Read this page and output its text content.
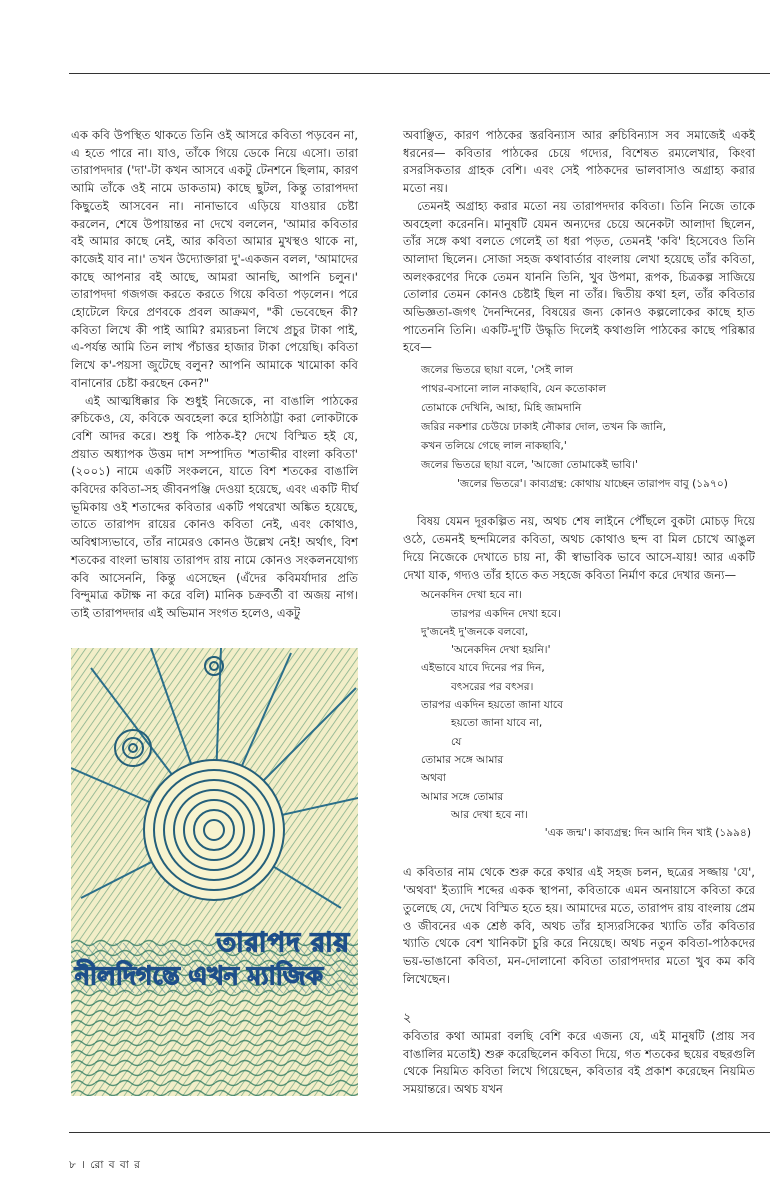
এক কবি উপস্থিত থাকতে তিনি ওই আসরে কবিতা পড়বেন না, এ হতে পারে না। যাও, তাঁকে গিয়ে ডেকে নিয়ে এসো। তারা তারাপদদার ('দা'-টা কখন আসবে একটু টেনশনে ছিলাম, কারণ আমি তাঁকে ওই নামে ডাকতাম) কাছে ছুটল, কিন্তু তারাপদদা কিছুতেই আসবেন না। নানাভাবে এড়িয়ে যাওয়ার চেষ্টা করলেন, শেষে উপায়ান্তর না দেখে বললেন, 'আমার কবিতার বই আমার কাছে নেই, আর কবিতা আমার মুখস্থও থাকে না, কাজেই যাব না।' তখন উদ্যোক্তারা দু'-একজন বলল, 'আমাদের কাছে আপনার বই আছে, আমরা আনছি, আপনি চলুন।' তারাপদদা গজগজ করতে করতে গিয়ে কবিতা পড়লেন। পরে হোটেলে ফিরে প্রণবকে প্রবল আক্রমণ, "কী ভেবেছেন কী? কবিতা লিখে কী পাই আমি? রম্যরচনা লিখে প্রচুর টাকা পাই, এ-পর্যন্ত আমি তিন লাখ পঁচাত্তর হাজার টাকা পেয়েছি। কবিতা লিখে ক'-পয়সা জুটেছে বলুন? আপনি আমাকে খামোকা কবি বানানোর চেষ্টা করছেন কেন?"

এই আত্মধিক্কার কি শুধুই নিজেকে, না বাঙালি পাঠকের রুচিকেও, যে, কবিকে অবহেলা করে হাসিঠাট্টা করা লোকটাকে বেশি আদর করে। শুধু কি পাঠক-ই? দেখে বিস্মিত হই যে, প্রয়াত অধ্যাপক উত্তম দাশ সম্পাদিত 'শতাব্দীর বাংলা কবিতা' (২০০১) নামে একটি সংকলনে, যাতে বিশ শতকের বাঙালি কবিদের কবিতা-সহ জীবনপঞ্জি দেওয়া হয়েছে, এবং একটি দীর্ঘ ভূমিকায় ওই শতাব্দের কবিতার একটি পথরেখা অঙ্কিত হয়েছে, তাতে তারাপদ রায়ের কোনও কবিতা নেই, এবং কোথাও, অবিশ্বাস্যভাবে, তাঁর নামেরও কোনও উল্লেখ নেই! অর্থাৎ, বিশ শতকের বাংলা ভাষায় তারাপদ রায় নামে কোনও সংকলনযোগ্য কবি আসেননি, কিন্তু এসেছেন (এঁদের কবিমর্যাদার প্রতি বিন্দুমাত্র কটাক্ষ না করে বলি) মানিক চক্রবর্তী বা অজয় নাগ। তাই তারাপদদার এই অভিমান সংগত হলেও, একটু

তারাপদ রায়
নীলদিগন্তে এখন ম্যাজিক

অবাঞ্ছিত, কারণ পাঠকের স্তরবিন্যাস আর রুচিবিন্যাস সব সমাজেই একই ধরনের— কবিতার পাঠকের চেয়ে গদ্যের, বিশেষত রম্যলেখার, কিংবা রসরসিকতার গ্রাহক বেশি। এবং সেই পাঠকদের ভালবাসাও অগ্রাহ্য করার মতো নয়।

তেমনই অগ্রাহ্য করার মতো নয় তারাপদদার কবিতা। তিনি নিজে তাকে অবহেলা করেননি। মানুষটি যেমন অন্যদের চেয়ে অনেকটা আলাদা ছিলেন, তাঁর সঙ্গে কথা বলতে গেলেই তা ধরা পড়ত, তেমনই 'কবি' হিসেবেও তিনি আলাদা ছিলেন। সোজা সহজ কথাবার্তার বাংলায় লেখা হয়েছে তাঁর কবিতা, অলংকরণের দিকে তেমন যাননি তিনি, খুব উপমা, রূপক, চিত্রকল্প সাজিয়ে তোলার তেমন কোনও চেষ্টাই ছিল না তাঁর। দ্বিতীয় কথা হল, তাঁর কবিতার অভিজ্ঞতা-জগৎ দৈনন্দিনের, বিষয়ের জন্য কোনও কল্পলোকের কাছে হাত পাতেননি তিনি। একটি-দু'টি উদ্ধৃতি দিলেই কথাগুলি পাঠকের কাছে পরিষ্কার হবে—

জলের ভিতরে ছায়া বলে, 'সেই লাল
পাথর-বসানো লাল নাকছাবি, যেন কতোকাল
তোমাকে দেখিনি, আহা, মিহি জামদানি
জরির নকশার চেউয়ে ঢাকাই নৌকার দোল, তখন কি জানি,
কখন তলিয়ে গেছে লাল নাকছাবি,'
জলের ভিতরে ছায়া বলে, 'আজো তোমাকেই ভাবি।'
'জলের ভিতরে'। কাব্যগ্রন্থ: কোথায় যাচ্ছেন তারাপদ বাবু (১৯৭০)

বিষয় যেমন দূরকল্পিত নয়, অথচ শেষ লাইনে পৌঁছলে বুকটা মোচড় দিয়ে ওঠে, তেমনই ছন্দমিলের কবিতা, অথচ কোথাও ছন্দ বা মিল চোখে আঙুল দিয়ে নিজেকে দেখাতে চায় না, কী স্বাভাবিক ভাবে আসে-যায়! আর একটি দেখা যাক, গদ্যও তাঁর হাতে কত সহজে কবিতা নির্মাণ করে দেখার জন্য—

অনেকদিন দেখা হবে না।
তারপর একদিন দেখা হবে।
দু'জনেই দু'জনকে বলবো,
'অনেকদিন দেখা হয়নি।'
এইভাবে যাবে দিনের পর দিন,
বৎসরের পর বৎসর।
তারপর একদিন হয়তো জানা যাবে
হয়তো জানা যাবে না,
যে
তোমার সঙ্গে আমার
অথবা
আমার সঙ্গে তোমার
আর দেখা হবে না।
'এক জন্ম'। কাব্যগ্রন্থ: দিন আনি দিন খাই (১৯৯৪)

এ কবিতার নাম থেকে শুরু করে কথার এই সহজ চলন, ছত্রের সজ্জায় 'যে', 'অথবা' ইত্যাদি শব্দের একক স্থাপনা, কবিতাকে এমন অনায়াসে কবিতা করে তুলেছে যে, দেখে বিস্মিত হতে হয়। আমাদের মতে, তারাপদ রায় বাংলায় প্রেম ও জীবনের এক শ্রেষ্ঠ কবি, অথচ তাঁর হাস্যরসিকের খ্যাতি তাঁর কবিতার খ্যাতি থেকে বেশ খানিকটা চুরি করে নিয়েছে। অথচ নতুন কবিতা-পাঠকদের ভয়-ভাঙানো কবিতা, মন-দোলানো কবিতা তারাপদদার মতো খুব কম কবি লিখেছেন।

২

কবিতার কথা আমরা বলছি বেশি করে এজন্য যে, এই মানুষটি (প্রায় সব বাঙালির মতোই) শুরু করেছিলেন কবিতা দিয়ে, গত শতকের ছয়ের বছরগুলি থেকে নিয়মিত কবিতা লিখে গিয়েছেন, কবিতার বই প্রকাশ করেছেন নিয়মিত সময়ান্তরে। অথচ যখন

৮ । রো ব বা র
